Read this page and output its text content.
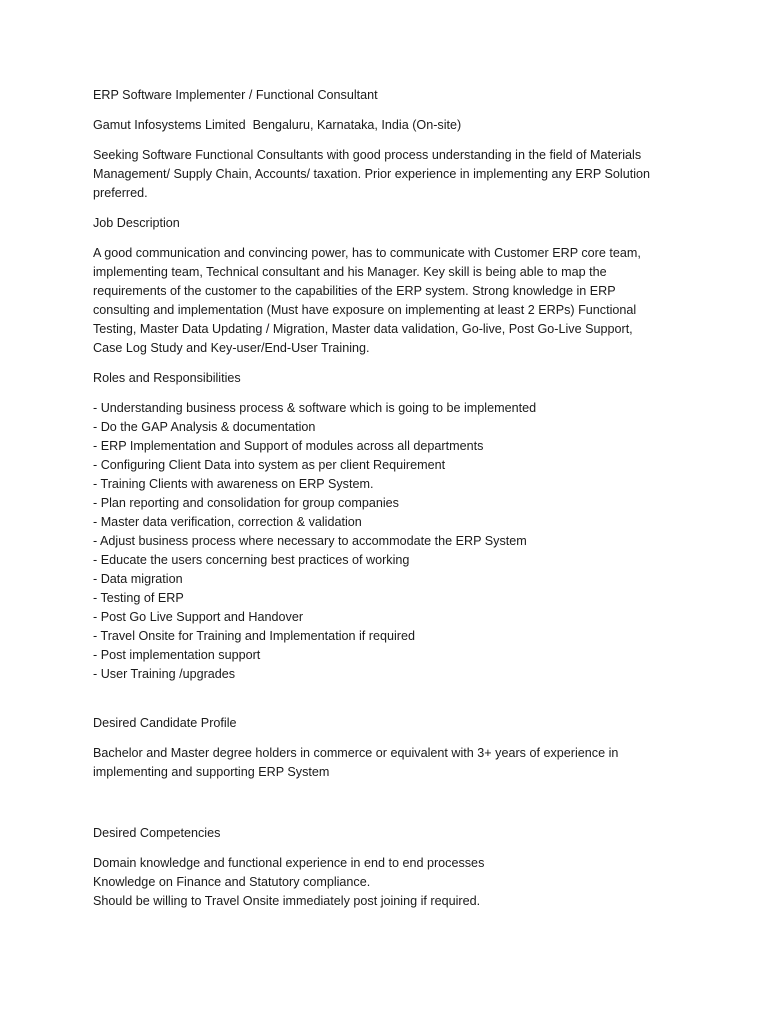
ERP Software Implementer / Functional Consultant

Gamut Infosystems Limited  Bengaluru, Karnataka, India (On-site)

Seeking Software Functional Consultants with good process understanding in the field of Materials

Management/ Supply Chain, Accounts/ taxation. Prior experience in implementing any ERP Solution

preferred.

Job Description

A good communication and convincing power, has to communicate with Customer ERP core team,

implementing team, Technical consultant and his Manager. Key skill is being able to map the

requirements of the customer to the capabilities of the ERP system. Strong knowledge in ERP

consulting and implementation (Must have exposure on implementing at least 2 ERPs) Functional

Testing, Master Data Updating / Migration, Master data validation, Go-live, Post Go-Live Support,

Case Log Study and Key-user/End-User Training.

Roles and Responsibilities

- Understanding business process & software which is going to be implemented

- Do the GAP Analysis & documentation

- ERP Implementation and Support of modules across all departments

- Configuring Client Data into system as per client Requirement

- Training Clients with awareness on ERP System.

- Plan reporting and consolidation for group companies

- Master data verification, correction & validation

- Adjust business process where necessary to accommodate the ERP System

- Educate the users concerning best practices of working

- Data migration

- Testing of ERP

- Post Go Live Support and Handover

- Travel Onsite for Training and Implementation if required

- Post implementation support

- User Training /upgrades

Desired Candidate Profile

Bachelor and Master degree holders in commerce or equivalent with 3+ years of experience in

implementing and supporting ERP System

Desired Competencies

Domain knowledge and functional experience in end to end processes

Knowledge on Finance and Statutory compliance.

Should be willing to Travel Onsite immediately post joining if required.
